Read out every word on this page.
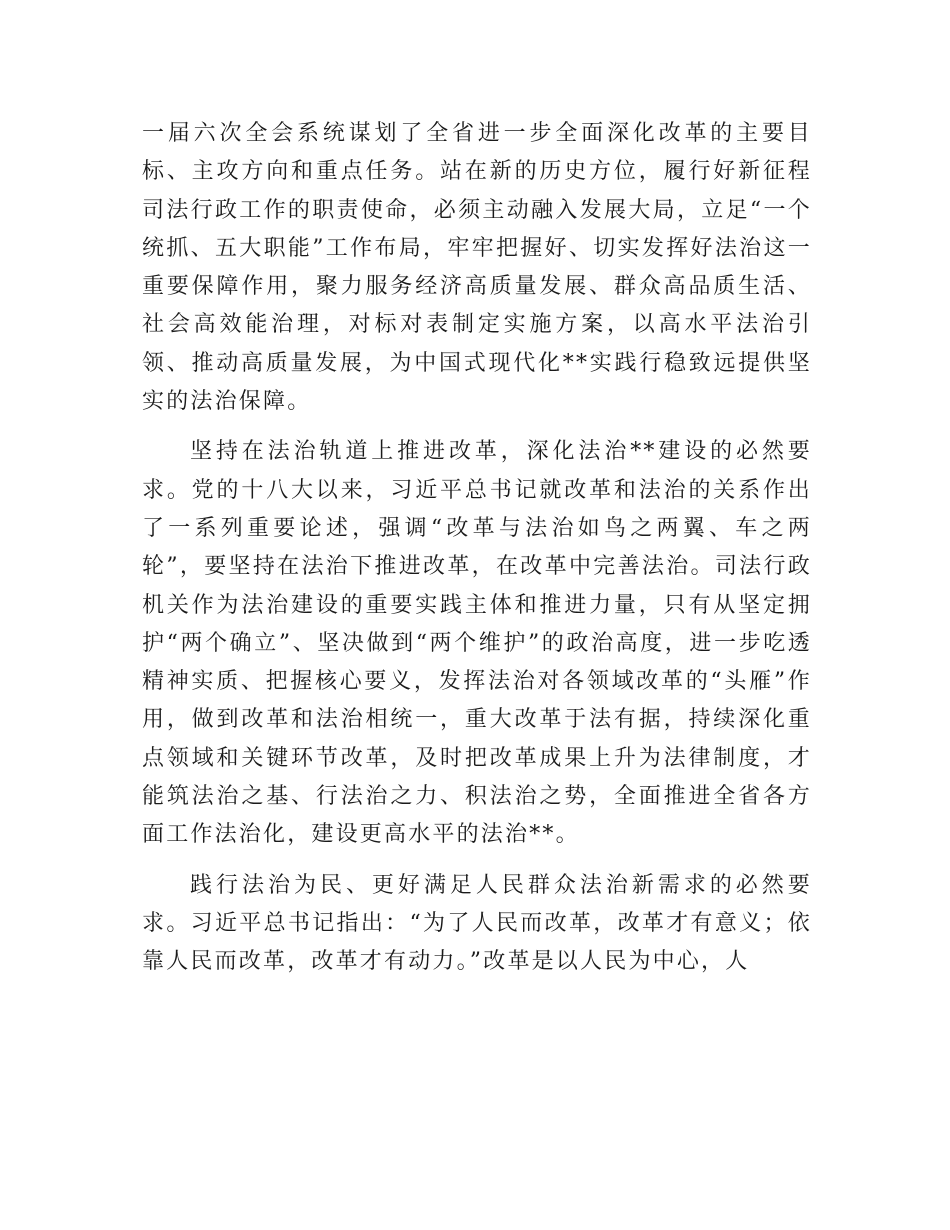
一届六次全会系统谋划了全省进一步全面深化改革的主要目标、主攻方向和重点任务。站在新的历史方位，履行好新征程司法行政工作的职责使命，必须主动融入发展大局，立足“一个统抓、五大职能”工作布局，牢牢把握好、切实发挥好法治这一重要保障作用，聚力服务经济高质量发展、群众高品质生活、社会高效能治理，对标对表制定实施方案，以高水平法治引领、推动高质量发展，为中国式现代化**实践行稳致远提供坚实的法治保障。

坚持在法治轨道上推进改革，深化法治**建设的必然要求。党的十八大以来，习近平总书记就改革和法治的关系作出了一系列重要论述，强调“改革与法治如鸟之两翼、车之两轮”，要坚持在法治下推进改革，在改革中完善法治。司法行政机关作为法治建设的重要实践主体和推进力量，只有从坚定拥护“两个确立”、坚决做到“两个维护”的政治高度，进一步吃透精神实质、把握核心要义，发挥法治对各领域改革的“头雁”作用，做到改革和法治相统一，重大改革于法有据，持续深化重点领域和关键环节改革，及时把改革成果上升为法律制度，才能筑法治之基、行法治之力、积法治之势，全面推进全省各方面工作法治化，建设更高水平的法治**。

践行法治为民、更好满足人民群众法治新需求的必然要求。习近平总书记指出：“为了人民而改革，改革才有意义；依靠人民而改革，改革才有动力。”改革是以人民为中心，人
